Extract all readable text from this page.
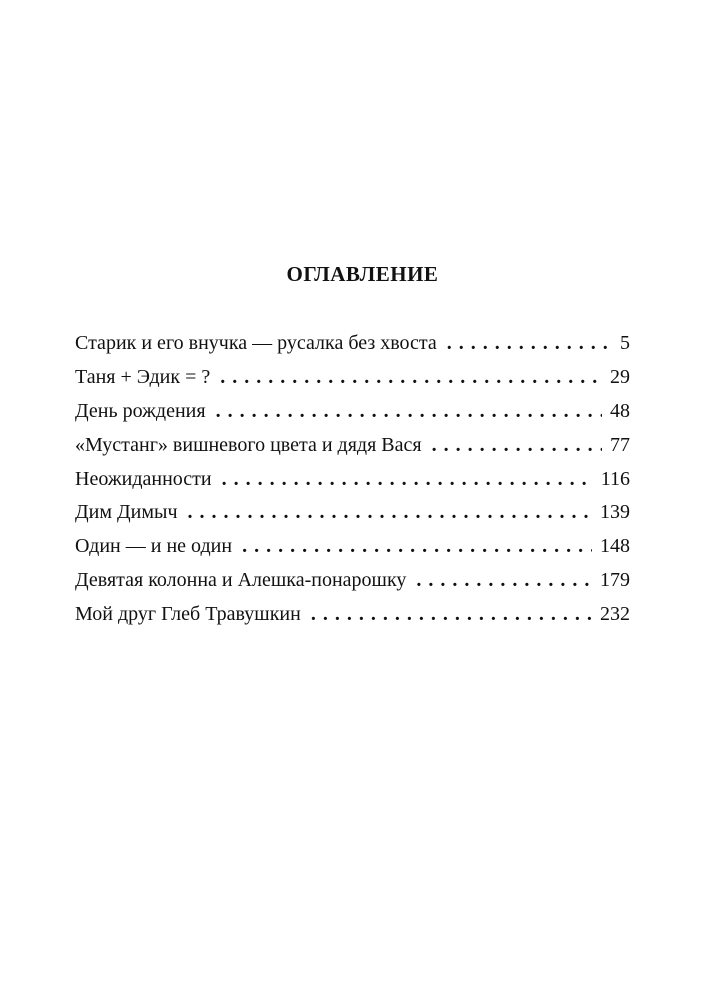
ОГЛАВЛЕНИЕ
Старик и его внучка — русалка без хвоста . . .	5
Таня + Эдик = ? . . .	29
День рождения . . .	48
«Мустанг» вишневого цвета и дядя Вася . . .	77
Неожиданности . . .	116
Дим Димыч . . .	139
Один — и не один . . .	148
Девятая колонна и Алешка-понарошку . . .	179
Мой друг Глеб Травушкин . . .	232
